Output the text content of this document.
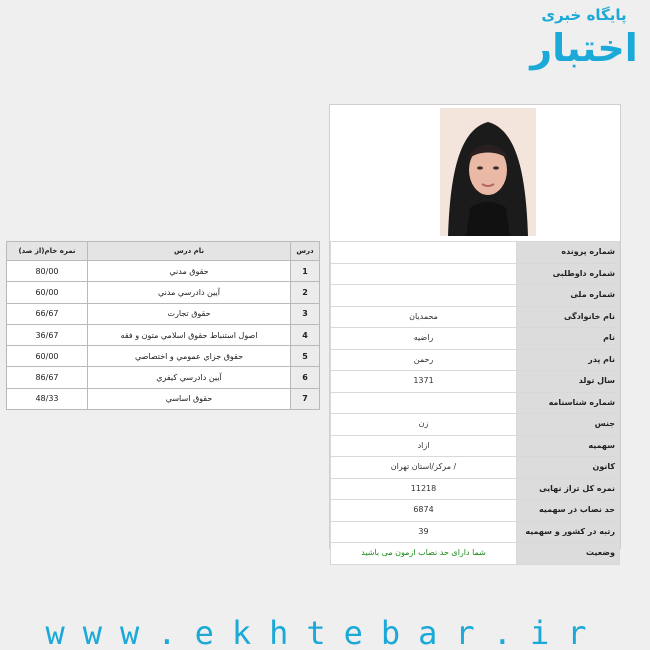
پایگاه خبری
اختبار
شماره پرونده	
شماره داوطلبی	
شماره ملی	
نام خانوادگی	محمدیان
نام	راضیه
نام پدر	رحمن
سال تولد	1371
شماره شناسنامه	
جنس	زن
سهمیه	ازاد
کانون	/ مرکز/استان تهران
نمره کل تراز نهایی	11218
حد نصاب در سهمیه	6874
رتبه در کشور و سهمیه	39
وضعیت	شما دارای حد نصاب ازمون می باشید
درس	نام درس	نمره خام(از صد)
1	حقوق مدني	80/00
2	آيين دادرسي مدني	60/00
3	حقوق تجارت	66/67
4	اصول استنباط حقوق اسلامي متون و فقه	36/67
5	حقوق جزاي عمومي و اختصاصي	60/00
6	آيين دادرسي كيفري	86/67
7	حقوق اساسي	48/33
www.ekhtebar.ir
